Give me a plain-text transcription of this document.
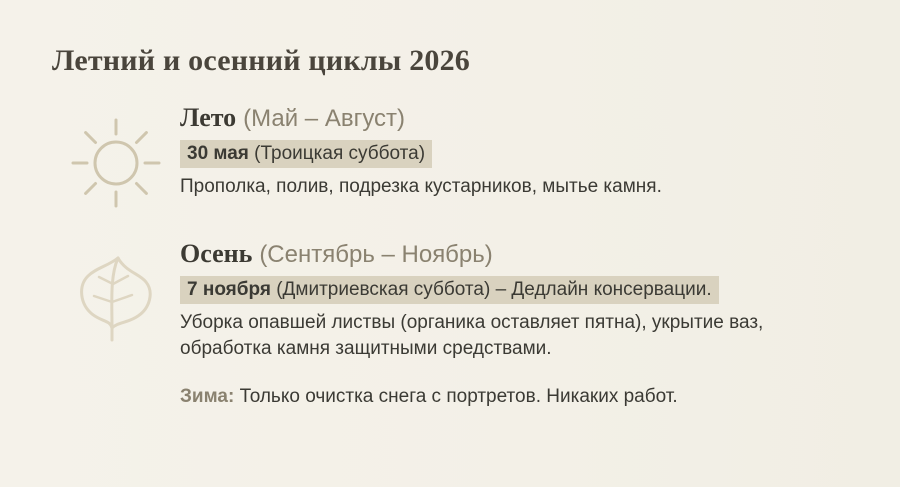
Летний и осенний циклы 2026
Лето (Май – Август)
30 мая (Троицкая суббота)
Прополка, полив, подрезка кустарников, мытье камня.
Осень (Сентябрь – Ноябрь)
7 ноября (Дмитриевская суббота) – Дедлайн консервации.
Уборка опавшей листвы (органика оставляет пятна), укрытие ваз, обработка камня защитными средствами.
Зима: Только очистка снега с портретов. Никаких работ.
